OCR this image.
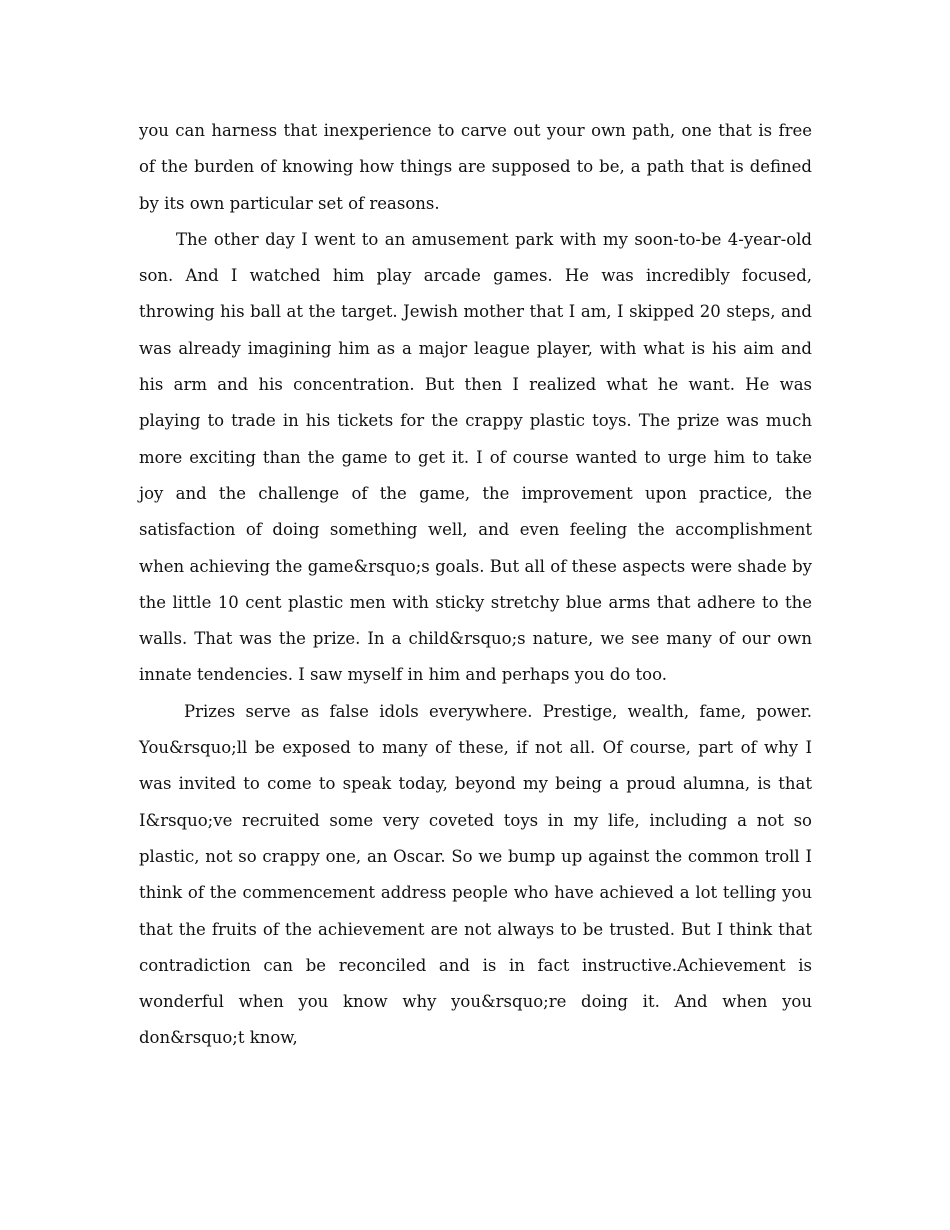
you can harness that inexperience to carve out your own path, one that is free of the burden of knowing how things are supposed to be, a path that is defined by its own particular set of reasons.

The other day I went to an amusement park with my soon-to-be 4-year-old son. And I watched him play arcade games. He was incredibly focused, throwing his ball at the target. Jewish mother that I am, I skipped 20 steps, and was already imagining him as a major league player, with what is his aim and his arm and his concentration. But then I realized what he want. He was playing to trade in his tickets for the crappy plastic toys. The prize was much more exciting than the game to get it. I of course wanted to urge him to take joy and the challenge of the game, the improvement upon practice, the satisfaction of doing something well, and even feeling the accomplishment when achieving the game&rsquo;s goals. But all of these aspects were shade by the little 10 cent plastic men with sticky stretchy blue arms that adhere to the walls. That was the prize. In a child&rsquo;s nature, we see many of our own innate tendencies. I saw myself in him and perhaps you do too.

Prizes serve as false idols everywhere. Prestige, wealth, fame, power. You&rsquo;ll be exposed to many of these, if not all. Of course, part of why I was invited to come to speak today, beyond my being a proud alumna, is that I&rsquo;ve recruited some very coveted toys in my life, including a not so plastic, not so crappy one, an Oscar. So we bump up against the common troll I think of the commencement address people who have achieved a lot telling you that the fruits of the achievement are not always to be trusted. But I think that contradiction can be reconciled and is in fact instructive.Achievement is wonderful when you know why you&rsquo;re doing it. And when you don&rsquo;t know,
